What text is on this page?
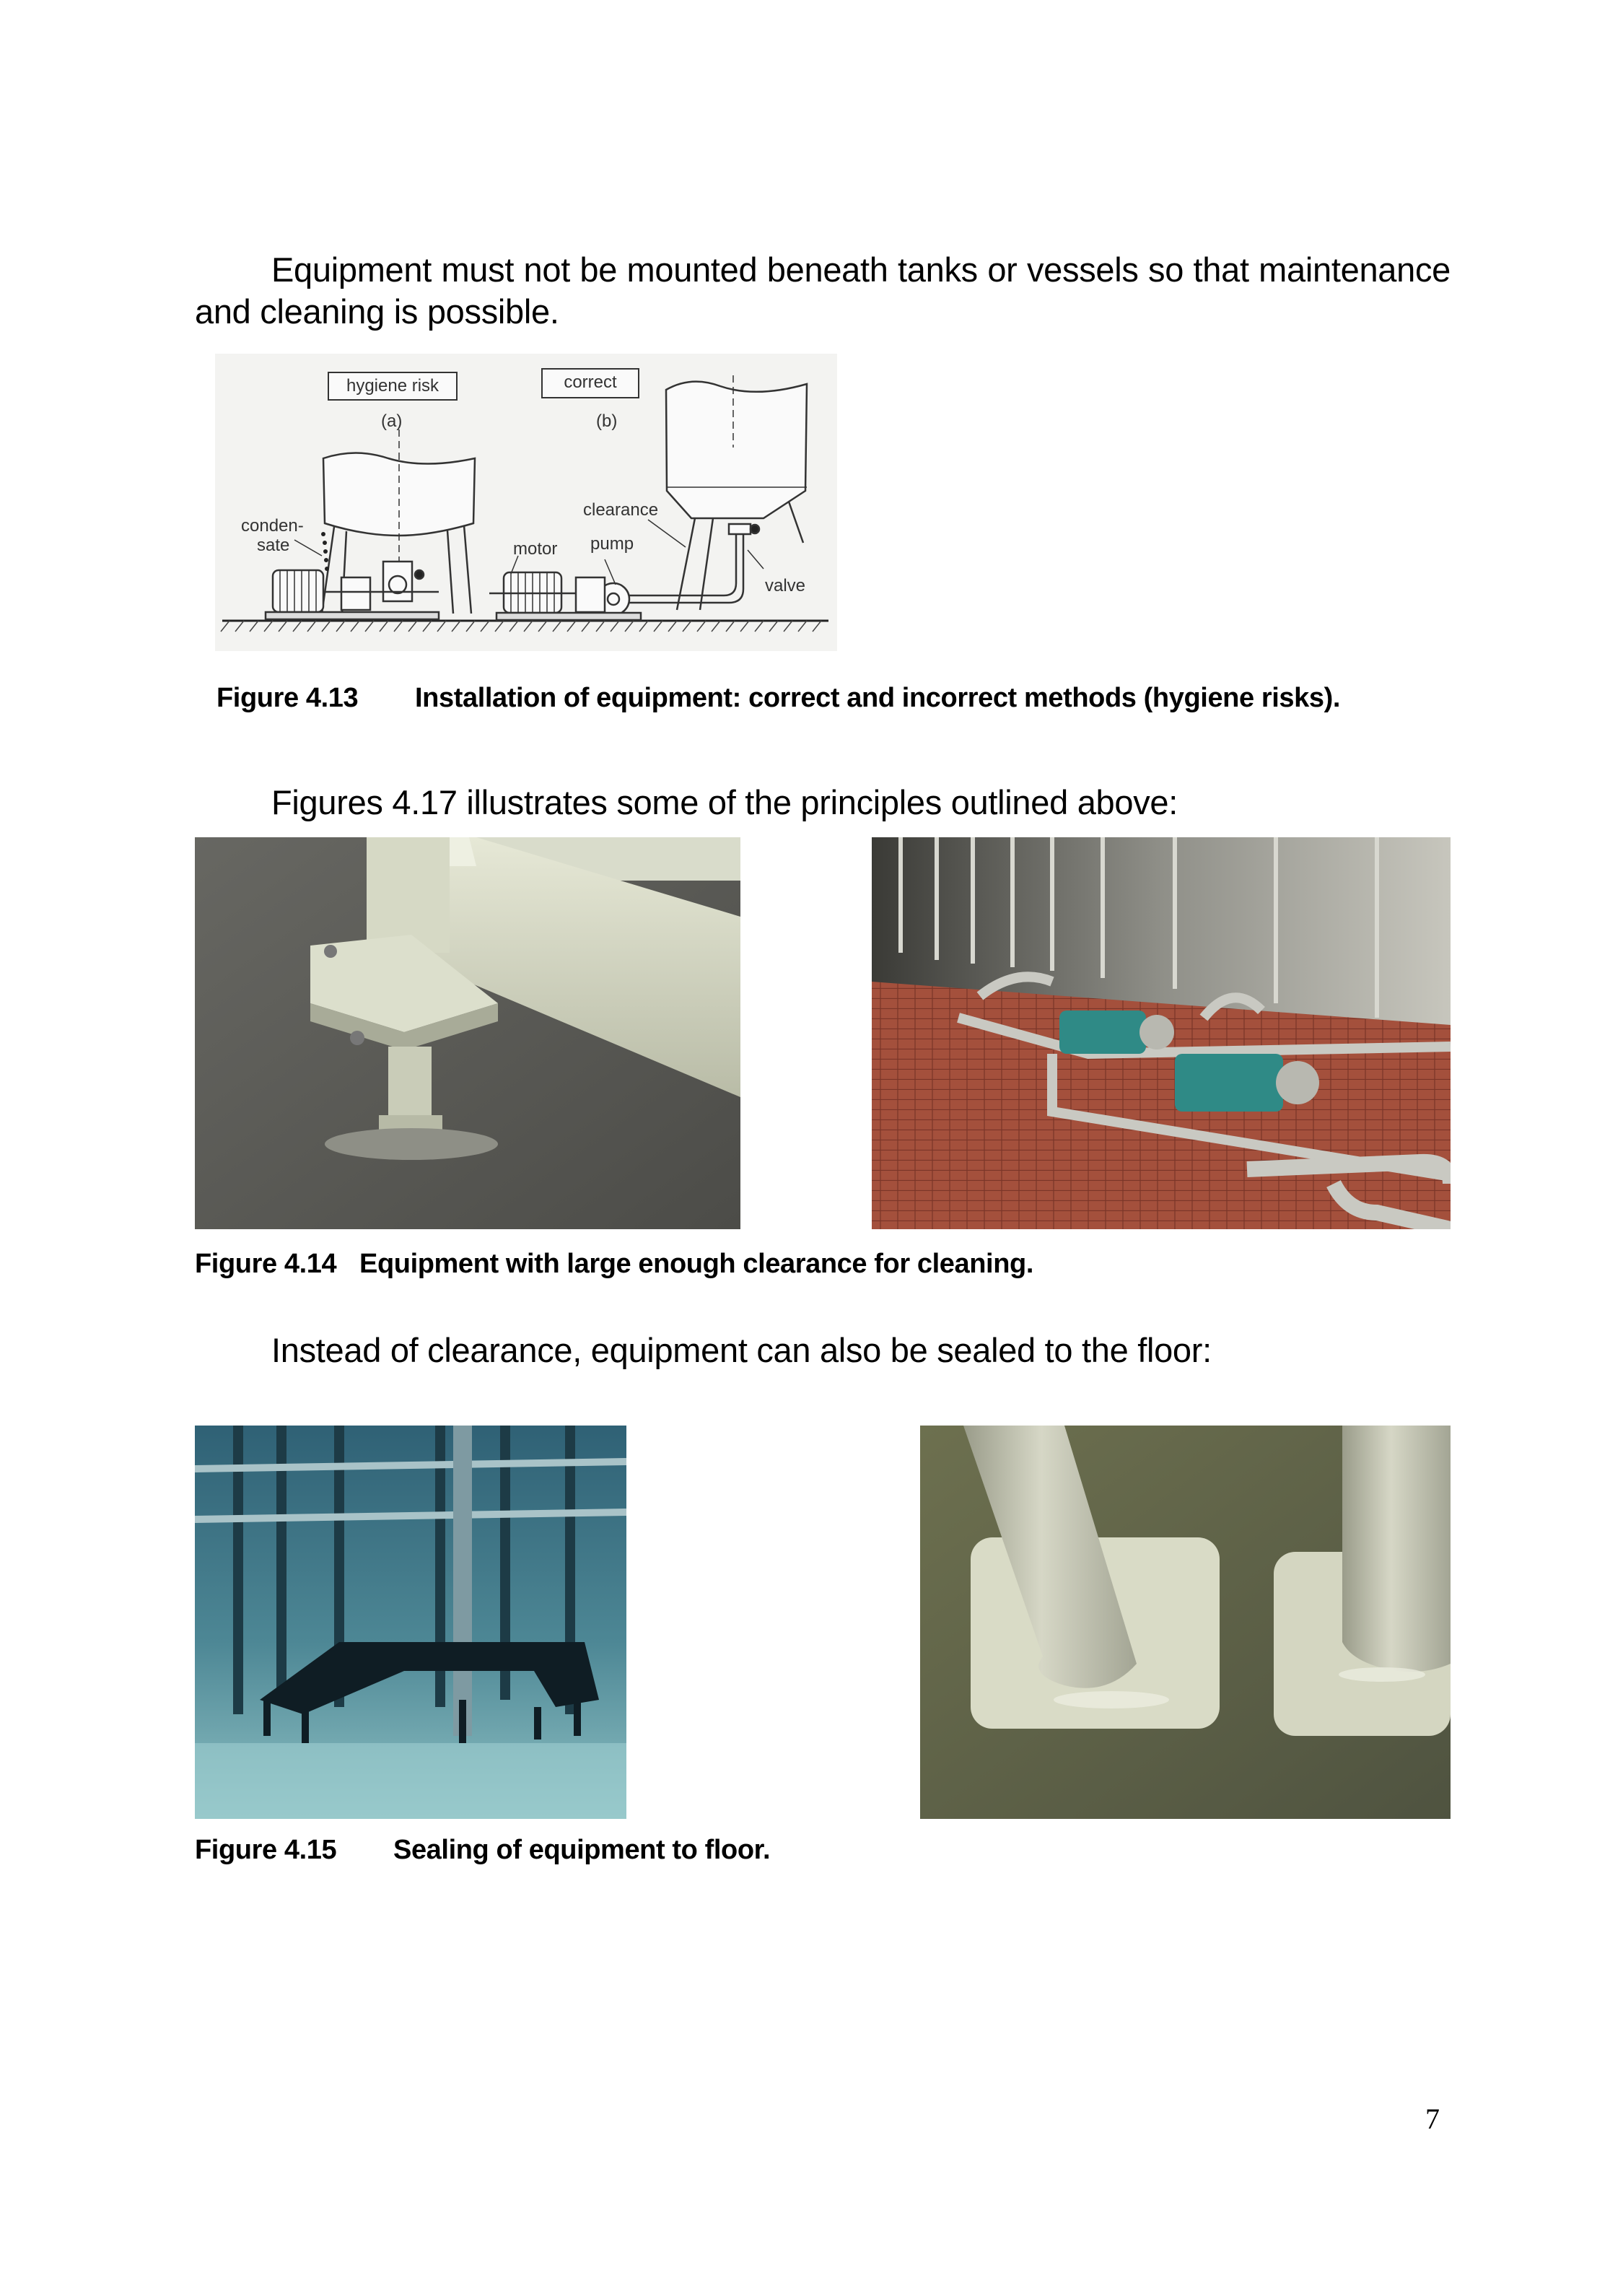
Equipment must not be mounted beneath tanks or vessels so that maintenance and cleaning is possible.
hygiene risk
(a)
correct
(b)
conden-
sate
clearance
motor pump
valve
Figure 4.13 Installation of equipment: correct and incorrect methods (hygiene risks).
Figures 4.17 illustrates some of the principles outlined above:
Figure 4.14 Equipment with large enough clearance for cleaning.
Instead of clearance, equipment can also be sealed to the floor:
Figure 4.15 Sealing of equipment to floor.
7
